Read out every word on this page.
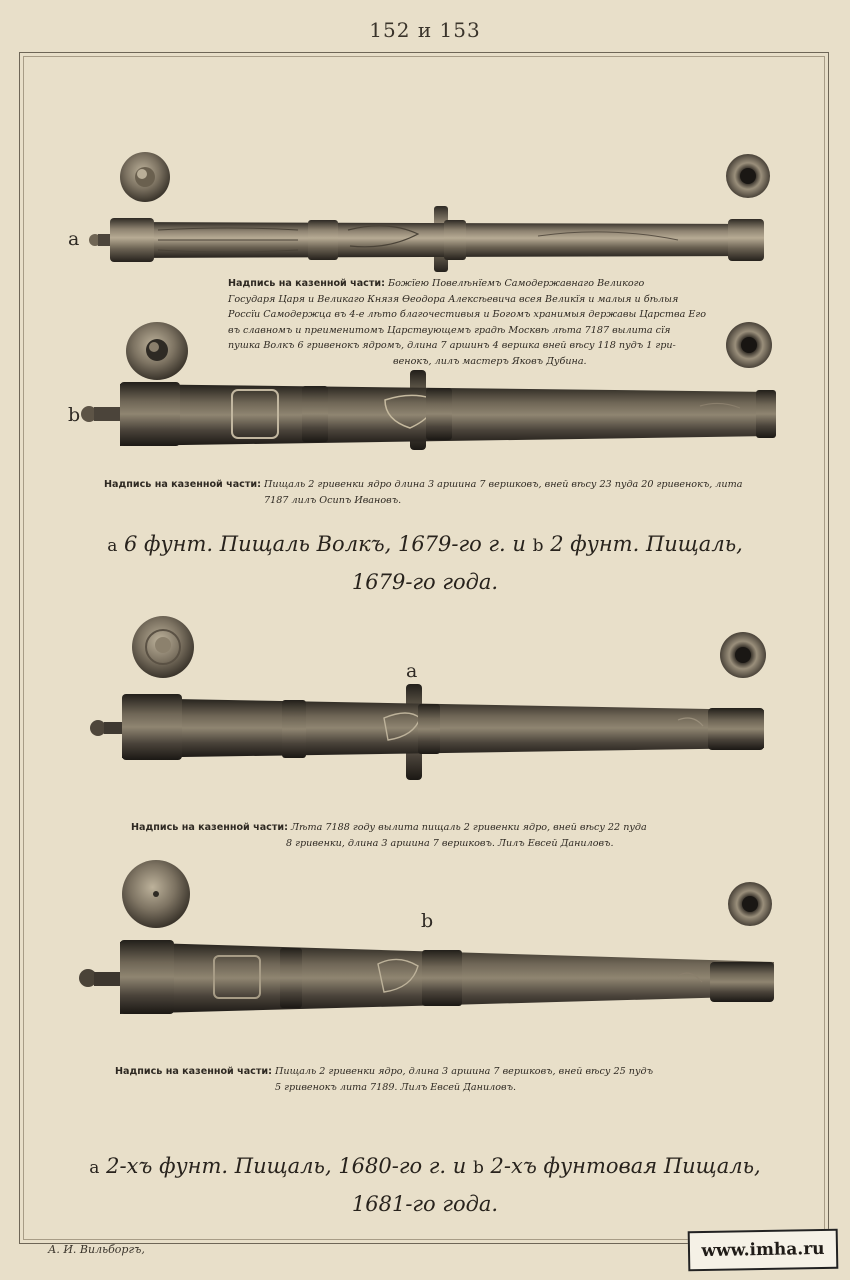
152 и 153
a
Надпись на казенной части: Божїею Повелѣнїемъ Самодержавнаго Великого
Государя Царя и Великаго Князя Өеодора Алексѣевича всея Великїя и малыя и бѣлыя
Россїи Самодержца въ 4-е лѣто благочестивыя и Богомъ хранимыя державы Царства Его
въ славномъ и преименитомъ Царствующемъ градѣ Москвѣ лѣта 7187 вылита сїя
пушка Волкъ 6 гривенокъ ядромъ, длина 7 аршинъ 4 вершка вней вѣсу 118 пудъ 1 гри-
венокъ, лилъ мастеръ Яковъ Дубина.
b
Надпись на казенной части: Пищаль 2 гривенки ядро длина 3 аршина 7 вершковъ, вней вѣсу 23 пуда 20 гривенокъ, лита
7187 лилъ Осипъ Ивановъ.
a 6 фунт. Пищаль Волкъ, 1679-го г. и b 2 фунт. Пищаль,
1679-го года.
a
Надпись на казенной части: Лѣта 7188 году вылита пищаль 2 гривенки ядро, вней вѣсу 22 пуда
8 гривенки, длина 3 аршина 7 вершковъ. Лилъ Евсей Даниловъ.
b
Надпись на казенной части: Пищаль 2 гривенки ядро, длина 3 аршина 7 вершковъ, вней вѣсу 25 пудъ
5 гривенокъ лита 7189. Лилъ Евсей Даниловъ.
a 2-хъ фунт. Пищаль, 1680-го г. и b 2-хъ фунтовая Пищаль,
1681-го года.
А. И. Вильборгъ,	www.imha.ru
